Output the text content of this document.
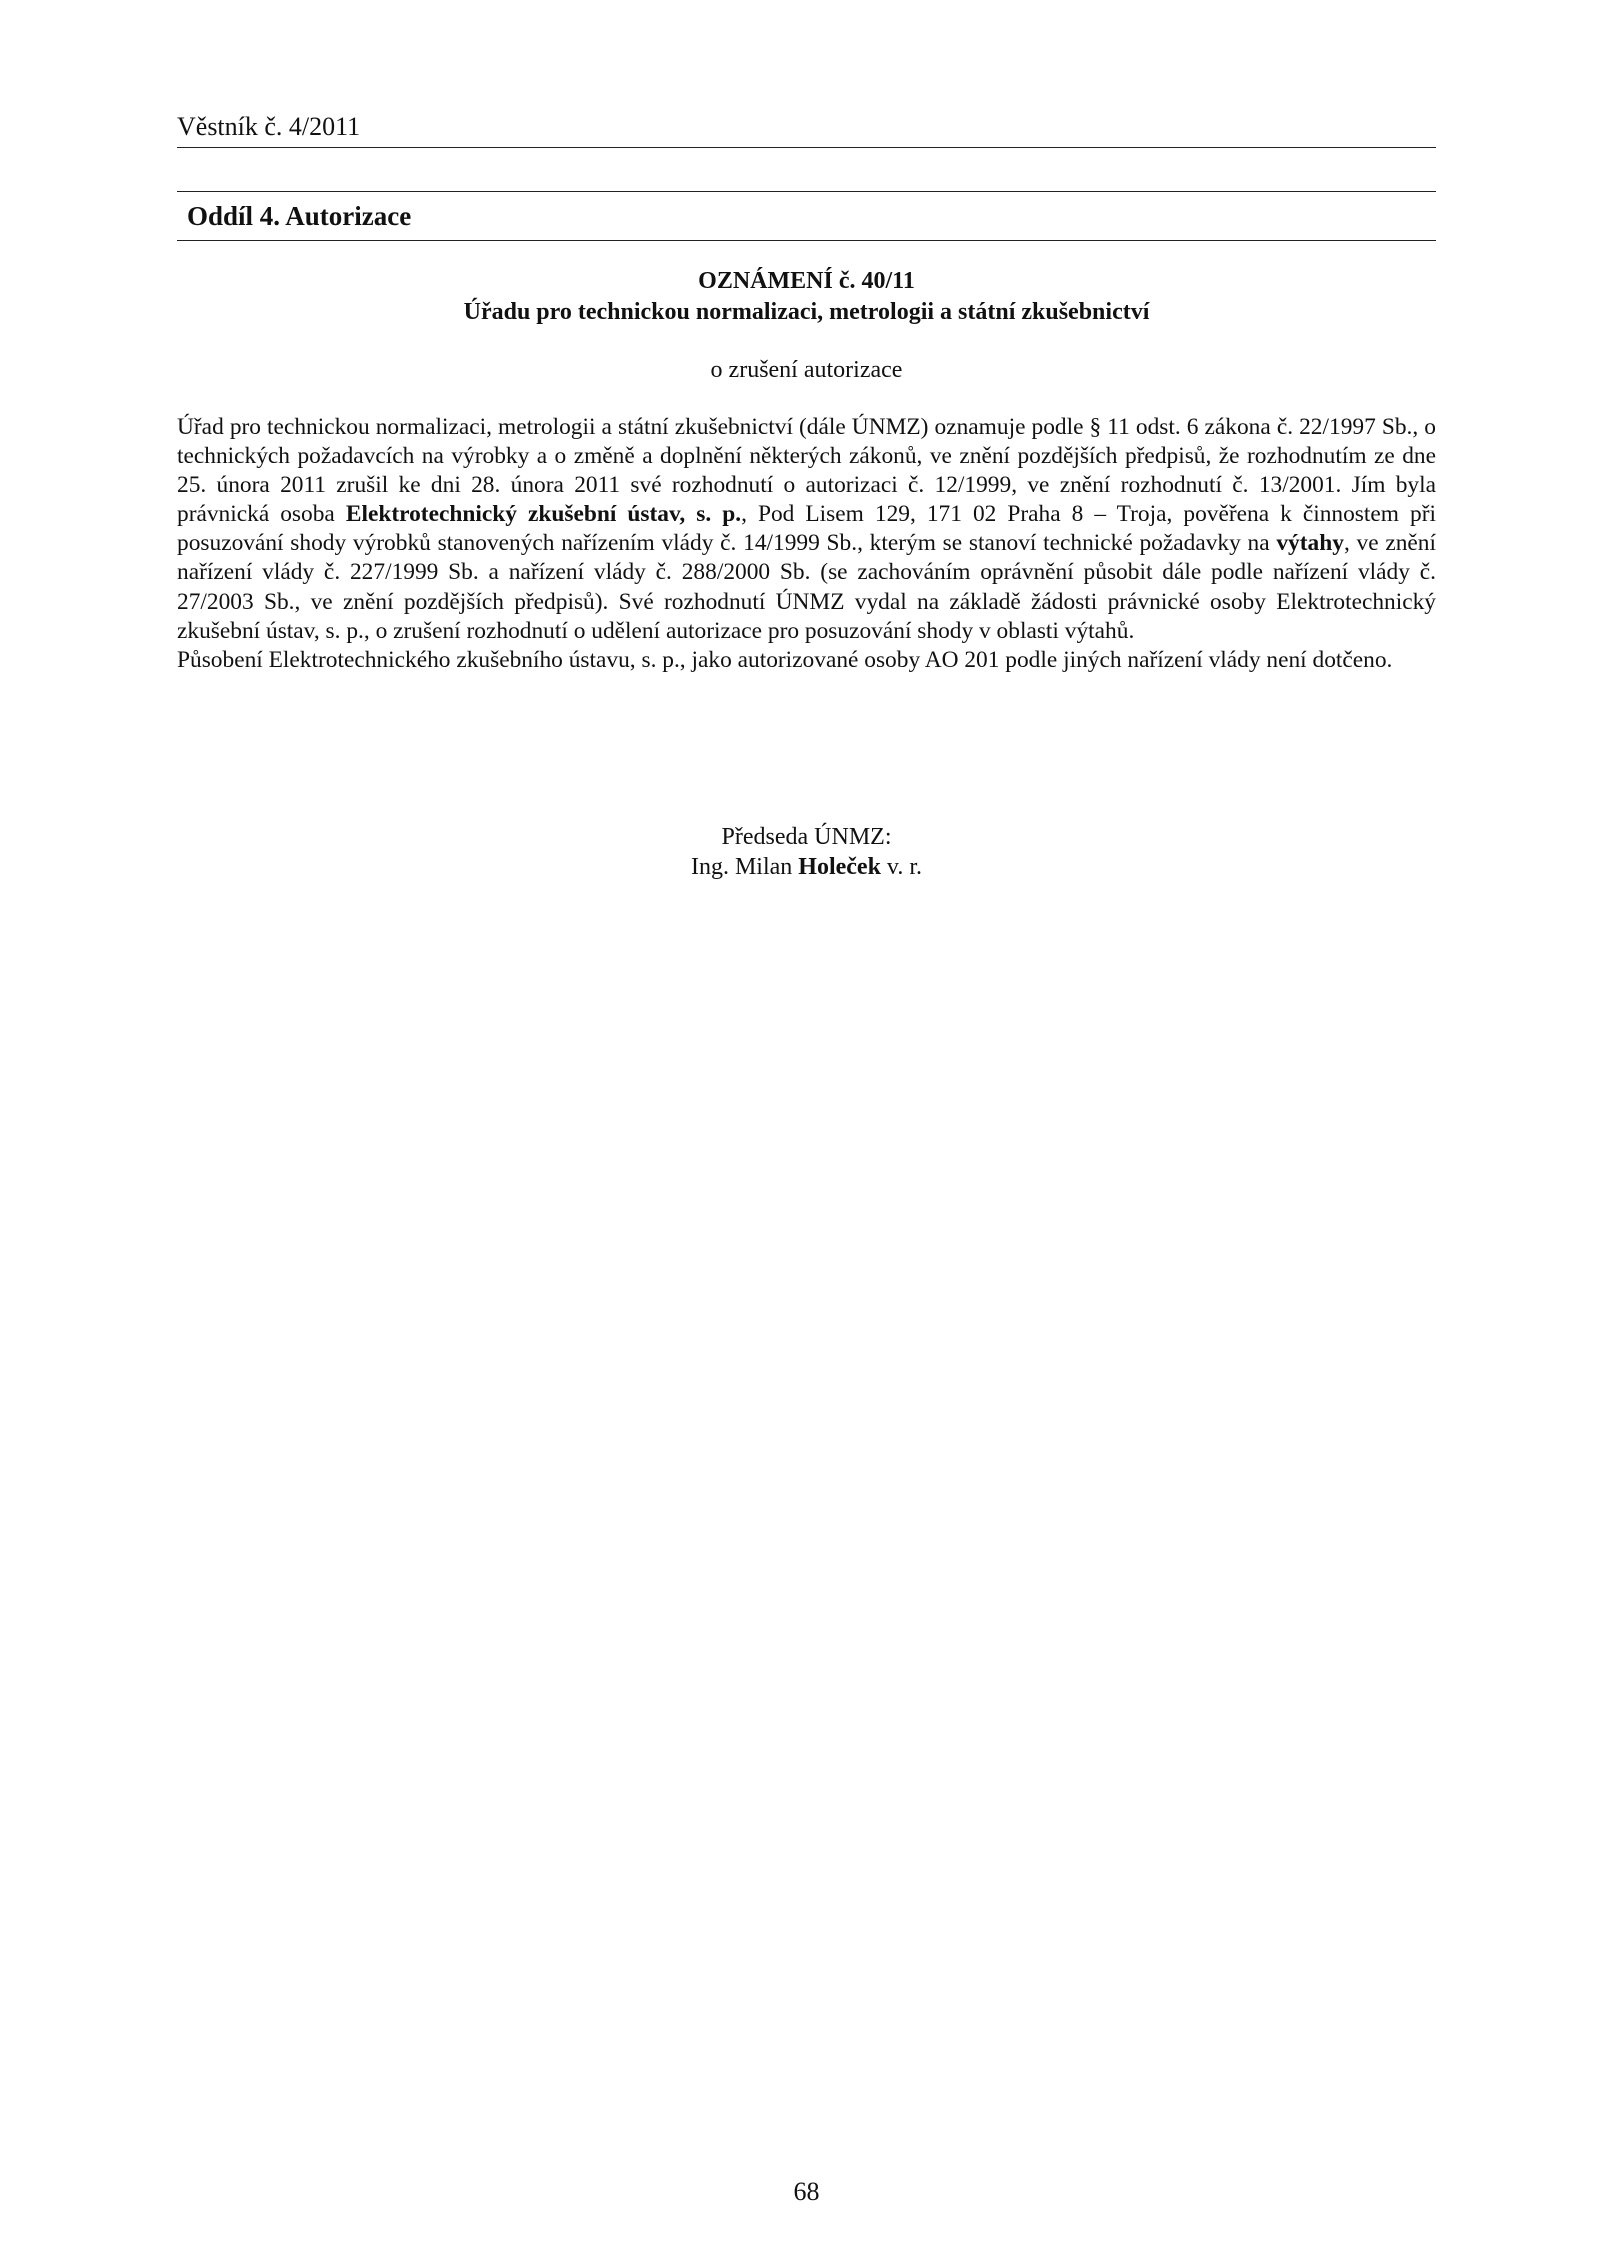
Věstník č. 4/2011
Oddíl 4. Autorizace
OZNÁMENÍ č. 40/11
Úřadu pro technickou normalizaci, metrologii a státní zkušebnictví
o zrušení autorizace

Úřad pro technickou normalizaci, metrologii a státní zkušebnictví (dále ÚNMZ) oznamuje podle § 11 odst. 6 zákona č. 22/1997 Sb., o technických požadavcích na výrobky a o změně a doplnění některých zákonů, ve znění pozdějších předpisů, že rozhodnutím ze dne 25. února 2011 zrušil ke dni 28. února 2011 své rozhodnutí o autorizaci č. 12/1999, ve znění rozhodnutí č. 13/2001. Jím byla právnická osoba Elektrotechnický zkušební ústav, s. p., Pod Lisem 129, 171 02 Praha 8 – Troja, pověřena k činnostem při posuzování shody výrobků stanovených nařízením vlády č. 14/1999 Sb., kterým se stanoví technické požadavky na výtahy, ve znění nařízení vlády č. 227/1999 Sb. a nařízení vlády č. 288/2000 Sb. (se zachováním oprávnění působit dále podle nařízení vlády č. 27/2003 Sb., ve znění pozdějších předpisů). Své rozhodnutí ÚNMZ vydal na základě žádosti právnické osoby Elektrotechnický zkušební ústav, s. p., o zrušení rozhodnutí o udělení autorizace pro posuzování shody v oblasti výtahů.

Působení Elektrotechnického zkušebního ústavu, s. p., jako autorizované osoby AO 201 podle jiných nařízení vlády není dotčeno.

Předseda ÚNMZ:
Ing. Milan Holeček v. r.
68
